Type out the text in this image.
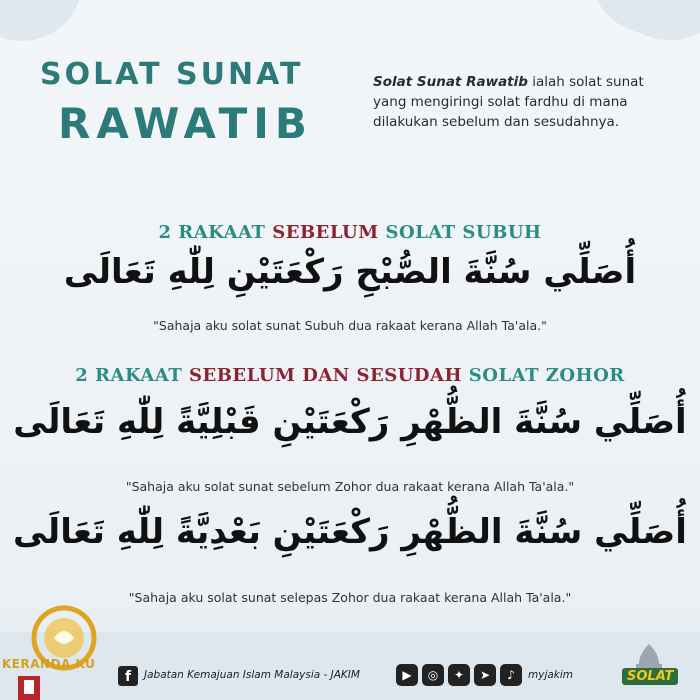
SOLAT SUNAT
RAWATIB
Solat Sunat Rawatib ialah solat sunat yang mengiringi solat fardhu di mana dilakukan sebelum dan sesudahnya.
2 RAKAAT SEBELUM SOLAT SUBUH
أُصَلِّي سُنَّةَ الصُّبْحِ رَكْعَتَيْنِ لِلّٰهِ تَعَالَى
"Sahaja aku solat sunat Subuh dua rakaat kerana Allah Ta'ala."
2 RAKAAT SEBELUM DAN SESUDAH SOLAT ZOHOR
أُصَلِّي سُنَّةَ الظُّهْرِ رَكْعَتَيْنِ قَبْلِيَّةً لِلّٰهِ تَعَالَى
"Sahaja aku solat sunat sebelum Zohor dua rakaat kerana Allah Ta'ala."
أُصَلِّي سُنَّةَ الظُّهْرِ رَكْعَتَيْنِ بَعْدِيَّةً لِلّٰهِ تَعَالَى
"Sahaja aku solat sunat selepas Zohor dua rakaat kerana Allah Ta'ala."
KERANDA KU
f	Jabatan Kemajuan Islam Malaysia - JAKIM	▶	◎	✦	➤	♪	myjakim	SOLAT
